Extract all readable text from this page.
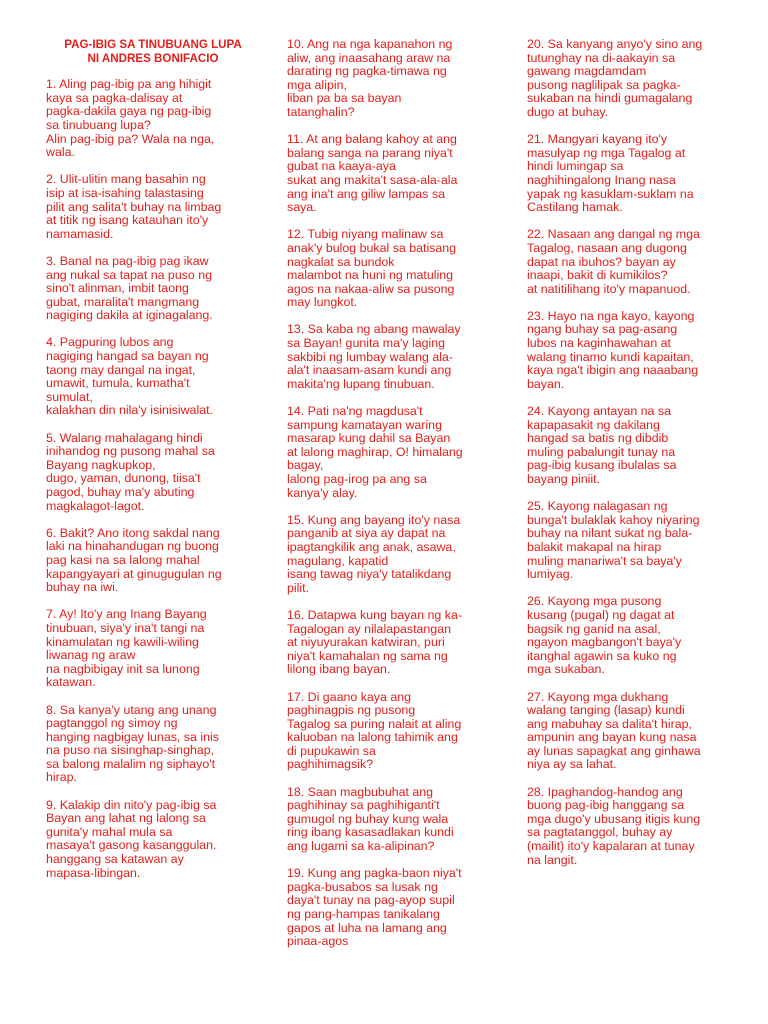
PAG-IBIG SA TINUBUANG LUPA
NI ANDRES BONIFACIO
1. Aling pag-ibig pa ang hihigit
kaya sa pagka-dalisay at
pagka-dakila gaya ng pag-ibig
sa tinubuang lupa?
Alin pag-ibig pa? Wala na nga,
wala.
2. Ulit-ulitin mang basahin ng
isip at isa-isahing talastasing
pilit ang salita't buhay na limbag
at titik ng isang katauhan ito'y
namamasid.
3. Banal na pag-ibig pag ikaw
ang nukal sa tapat na puso ng
sino't alinman, imbit taong
gubat, maralita't mangmang
nagiging dakila at iginagalang.
4. Pagpuring lubos ang
nagiging hangad sa bayan ng
taong may dangal na ingat,
umawit, tumula, kumatha't
sumulat,
kalakhan din nila'y isinisiwalat.
5. Walang mahalagang hindi
inihandog ng pusong mahal sa
Bayang nagkupkop,
dugo, yaman, dunong, tiisa't
pagod, buhay ma'y abuting
magkalagot-lagot.
6. Bakit? Ano itong sakdal nang
laki na hinahandugan ng buong
pag kasi na sa lalong mahal
kapangyayari at ginugugulan ng
buhay na iwi.
7. Ay! Ito'y ang Inang Bayang
tinubuan, siya'y ina't tangi na
kinamulatan ng kawili-wiling
liwanag ng araw
na nagbibigay init sa lunong
katawan.
8. Sa kanya'y utang ang unang
pagtanggol ng simoy ng
hanging nagbigay lunas, sa inis
na puso na sisinghap-singhap,
sa balong malalim ng siphayo't
hirap.
9. Kalakip din nito'y pag-ibig sa
Bayan ang lahat ng lalong sa
gunita'y mahal mula sa
masaya't gasong kasanggulan.
hanggang sa katawan ay
mapasa-libingan.
10. Ang na nga kapanahon ng
aliw, ang inaasahang araw na
darating ng pagka-timawa ng
mga alipin,
liban pa ba sa bayan
tatanghalin?
11. At ang balang kahoy at ang
balang sanga na parang niya't
gubat na kaaya-aya
sukat ang makita't sasa-ala-ala
ang ina't ang giliw lampas sa
saya.
12. Tubig niyang malinaw sa
anak'y bulog bukal sa batisang
nagkalat sa bundok
malambot na huni ng matuling
agos na nakaa-aliw sa pusong
may lungkot.
13. Sa kaba ng abang mawalay
sa Bayan! gunita ma'y laging
sakbibi ng lumbay walang ala-
ala't inaasam-asam kundi ang
makita'ng lupang tinubuan.
14. Pati na'ng magdusa't
sampung kamatayan waring
masarap kung dahil sa Bayan
at lalong maghirap, O! himalang
bagay,
lalong pag-irog pa ang sa
kanya'y alay.
15. Kung ang bayang ito'y nasa
panganib at siya ay dapat na
ipagtangkilik ang anak, asawa,
magulang, kapatid
isang tawag niya'y tatalikdang
pilit.
16. Datapwa kung bayan ng ka-
Tagalogan ay nilalapastangan
at niyuyurakan katwiran, puri
niya't kamahalan ng sama ng
lilong ibang bayan.
17. Di gaano kaya ang
paghinagpis ng pusong
Tagalog sa puring nalait at aling
kaluoban na lalong tahimik ang
di pupukawin sa
paghihimagsik?
18. Saan magbubuhat ang
paghihinay sa paghihiganti't
gumugol ng buhay kung wala
ring ibang kasasadlakan kundi
ang lugami sa ka-alipinan?
19. Kung ang pagka-baon niya't
pagka-busabos sa lusak ng
daya't tunay na pag-ayop supil
ng pang-hampas tanikalang
gapos at luha na lamang ang
pinaa-agos
20. Sa kanyang anyo'y sino ang
tutunghay na di-aakayin sa
gawang magdamdam
pusong naglilipak sa pagka-
sukaban na hindi gumagalang
dugo at buhay.
21. Mangyari kayang ito'y
masulyap ng mga Tagalog at
hindi lumingap sa
naghihingalong Inang nasa
yapak ng kasuklam-suklam na
Castilang hamak.
22. Nasaan ang dangal ng mga
Tagalog, nasaan ang dugong
dapat na ibuhos? bayan ay
inaapi, bakit di kumikilos?
at natitilihang ito'y mapanuod.
23. Hayo na nga kayo, kayong
ngang buhay sa pag-asang
lubos na kaginhawahan at
walang tinamo kundi kapaitan,
kaya nga't ibigin ang naaabang
bayan.
24. Kayong antayan na sa
kapapasakit ng dakilang
hangad sa batis ng dibdib
muling pabalungit tunay na
pag-ibig kusang ibulalas sa
bayang piniit.
25. Kayong nalagasan ng
bunga't bulaklak kahoy niyaring
buhay na nilant sukat ng bala-
balakit makapal na hirap
muling manariwa't sa baya'y
lumiyag.
26. Kayong mga pusong
kusang (pugal) ng dagat at
bagsik ng ganid na asal,
ngayon magbangon't baya'y
itanghal agawin sa kuko ng
mga sukaban.
27. Kayong mga dukhang
walang tanging (lasap) kundi
ang mabuhay sa dalita't hirap,
ampunin ang bayan kung nasa
ay lunas sapagkat ang ginhawa
niya ay sa lahat.
28. Ipaghandog-handog ang
buong pag-ibig hanggang sa
mga dugo'y ubusang itigis kung
sa pagtatanggol, buhay ay
(mailit) ito'y kapalaran at tunay
na langit.
